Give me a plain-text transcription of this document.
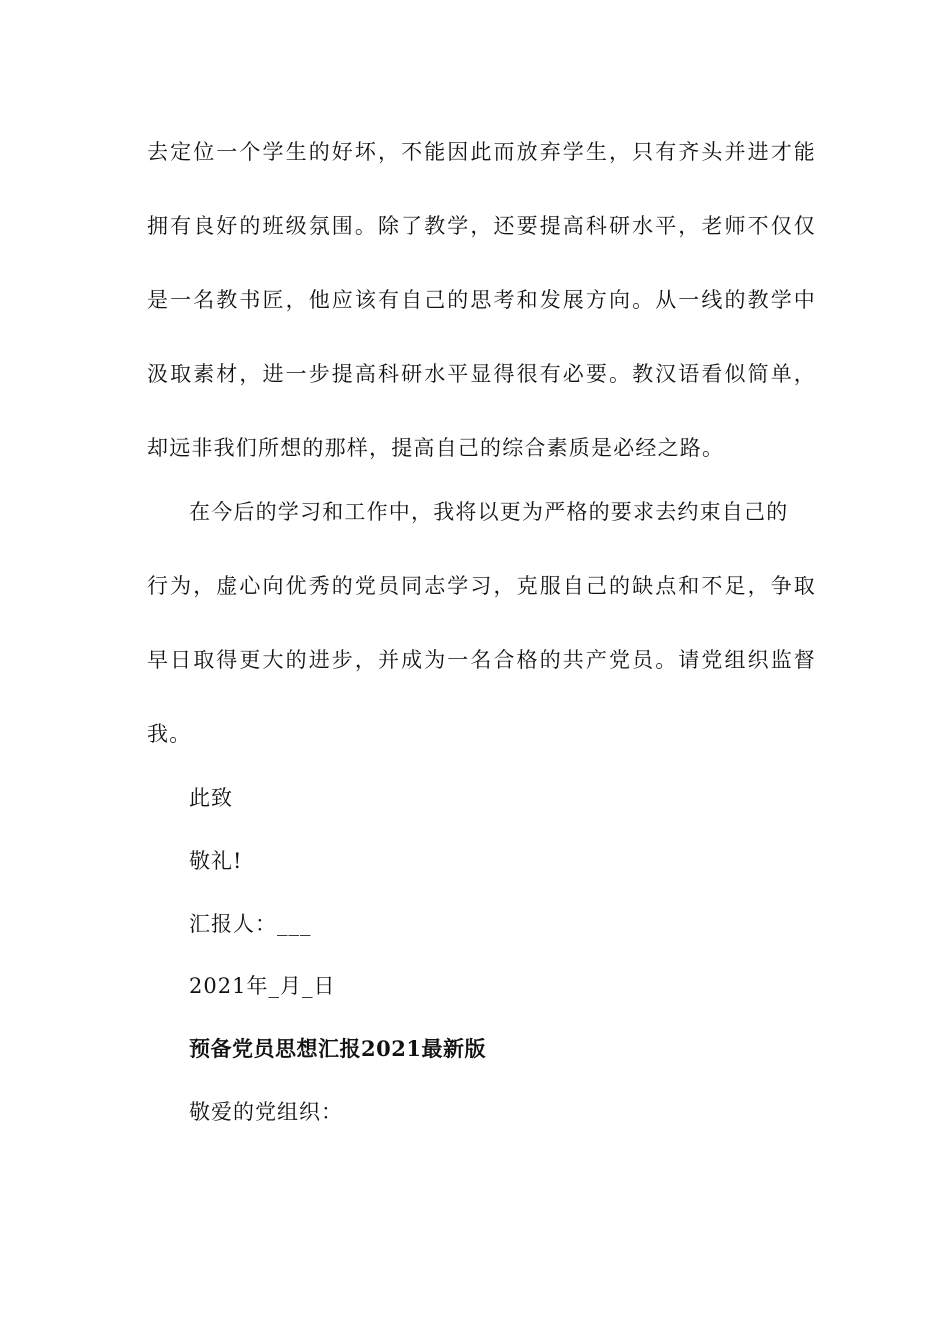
去定位一个学生的好坏，不能因此而放弃学生，只有齐头并进才能
拥有良好的班级氛围。除了教学，还要提高科研水平，老师不仅仅
是一名教书匠，他应该有自己的思考和发展方向。从一线的教学中
汲取素材，进一步提高科研水平显得很有必要。教汉语看似简单，
却远非我们所想的那样，提高自己的综合素质是必经之路。
在今后的学习和工作中，我将以更为严格的要求去约束自己的
行为，虚心向优秀的党员同志学习，克服自己的缺点和不足，争取
早日取得更大的进步，并成为一名合格的共产党员。请党组织监督
我。
此致
敬礼!
汇报人：___
2021年_月_日
预备党员思想汇报2021最新版
敬爱的党组织：
